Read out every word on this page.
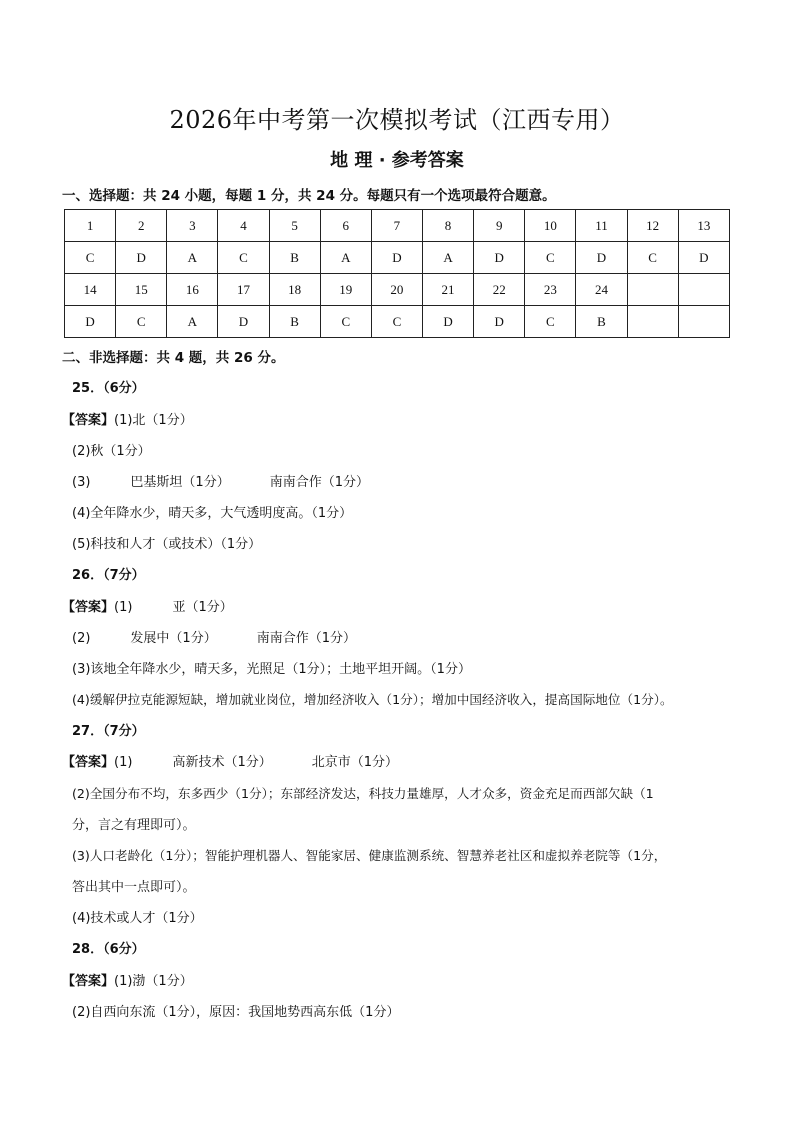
2026年中考第一次模拟考试（江西专用）
地 理 · 参考答案
一、选择题：共 24 小题，每题 1 分，共 24 分。每题只有一个选项最符合题意。
1	2	3	4	5	6	7	8	9	10	11	12	13
C	D	A	C	B	A	D	A	D	C	D	C	D
14	15	16	17	18	19	20	21	22	23	24		
D	C	A	D	B	C	C	D	D	C	B		
二、非选择题：共 4 题，共 26 分。
25．（6分）
【答案】(1)北（1分）
(2)秋（1分）
(3)	巴基斯坦（1分）	南南合作（1分）
(4)全年降水少，晴天多，大气透明度高。（1分）
(5)科技和人才（或技术）（1分）
26．（7分）
【答案】(1)	亚（1分）
(2)	发展中（1分）	南南合作（1分）
(3)该地全年降水少，晴天多，光照足（1分）；土地平坦开阔。（1分）
(4)缓解伊拉克能源短缺，增加就业岗位，增加经济收入（1分）；增加中国经济收入，提高国际地位（1分）。
27．（7分）
【答案】(1)	高新技术（1分）	北京市（1分）
(2)全国分布不均，东多西少（1分）；东部经济发达，科技力量雄厚，人才众多，资金充足而西部欠缺（1
分，言之有理即可）。
(3)人口老龄化（1分）；智能护理机器人、智能家居、健康监测系统、智慧养老社区和虚拟养老院等（1分，
答出其中一点即可）。
(4)技术或人才（1分）
28．（6分）
【答案】(1)渤（1分）
(2)自西向东流（1分），原因：我国地势西高东低（1分）
